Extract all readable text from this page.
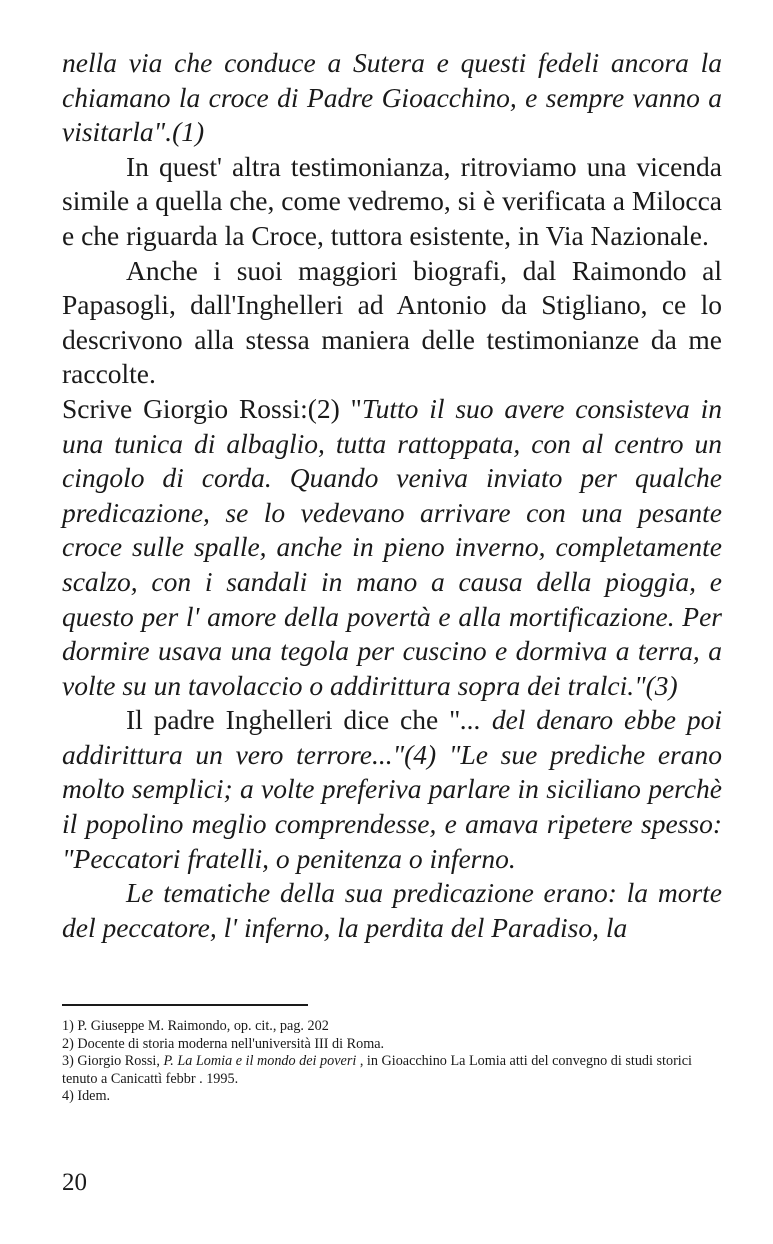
nella via che conduce a Sutera e questi fedeli ancora la chiamano la croce di Padre Gioacchino, e sempre vanno a visitarla".(1)

In quest' altra testimonianza, ritroviamo una vicenda simile a quella che, come vedremo, si è verificata a Milocca e che riguarda la Croce, tuttora esistente, in Via Nazionale.

Anche i suoi maggiori biografi, dal Raimondo al Papasogli, dall'Inghelleri ad Antonio da Stigliano, ce lo descrivono alla stessa maniera delle testimonianze da me raccolte.

Scrive Giorgio Rossi:(2) "Tutto il suo avere consisteva in una tunica di albaglio, tutta rattoppata, con al centro un cingolo di corda. Quando veniva inviato per qualche predicazione, se lo vedevano arrivare con una pesante croce sulle spalle, anche in pieno inverno, completamente scalzo, con i sandali in mano a causa della pioggia, e questo per l' amore della povertà e alla mortificazione. Per dormire usava una tegola per cuscino e dormiva a terra, a volte su un tavolaccio o addirittura sopra dei tralci."(3)

Il padre Inghelleri dice che "... del denaro ebbe poi addirittura un vero terrore..."(4) "Le sue prediche erano molto semplici; a volte preferiva parlare in siciliano perchè il popolino meglio comprendesse, e amava ripetere spesso: "Peccatori fratelli, o penitenza o inferno.

Le tematiche della sua predicazione erano: la morte del peccatore, l' inferno, la perdita del Paradiso, la

1) P. Giuseppe M. Raimondo, op. cit., pag. 202
2) Docente di storia moderna nell'università III di Roma.
3) Giorgio Rossi, P. La Lomia e il mondo dei poveri , in Gioacchino La Lomia atti del convegno di studi storici tenuto a Canicattì febbr . 1995.
4) Idem.
20
